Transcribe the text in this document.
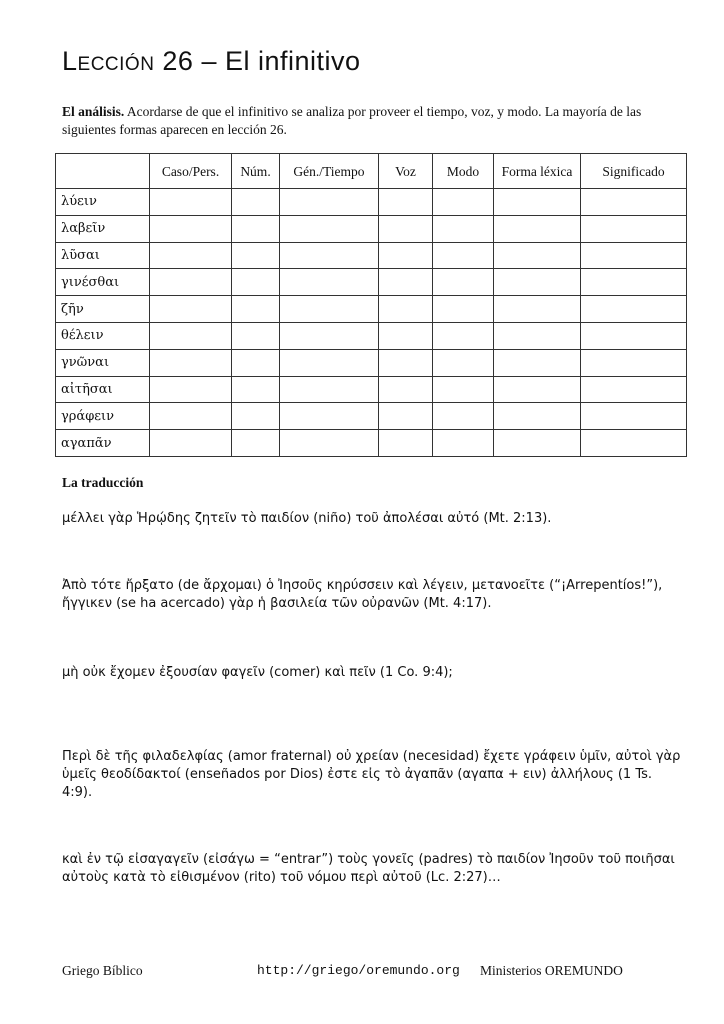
Lección 26 – El infinitivo
El análisis. Acordarse de que el infinitivo se analiza por proveer el tiempo, voz, y modo. La mayoría de las siguientes formas aparecen en lección 26.
	Caso/Pers.	Núm.	Gén./Tiempo	Voz	Modo	Forma léxica	Significado
λύειν							
λαβεῖν							
λῦσαι							
γινέσθαι							
ζῆν							
θέλειν							
γνῶναι							
αἰτῆσαι							
γράφειν							
αγαπᾶν							
La traducción
μέλλει γὰρ Ἡρῴδης ζητεῖν τὸ παιδίον (niño) τοῦ ἀπολέσαι αὐτό (Mt. 2:13).
Ἀπὸ τότε ἤρξατο (de ἄρχομαι) ὁ Ἰησοῦς κηρύσσειν καὶ λέγειν, μετανοεῖτε (“¡Arrepentíos!”), ἤγγικεν (se ha acercado) γὰρ ἡ βασιλεία τῶν οὐρανῶν (Mt. 4:17).
μὴ οὐκ ἔχομεν ἐξουσίαν φαγεῖν (comer) καὶ πεῖν (1 Co. 9:4);
Περὶ δὲ τῆς φιλαδελφίας (amor fraternal) οὐ χρείαν (necesidad) ἔχετε γράφειν ὑμῖν, αὐτοὶ γὰρ ὑμεῖς θεοδίδακτοί (enseñados por Dios) ἐστε εἰς τὸ ἀγαπᾶν (αγαπα + ειν) ἀλλήλους (1 Ts. 4:9).
καὶ ἐν τῷ εἰσαγαγεῖν (εἰσάγω = “entrar”) τοὺς γονεῖς (padres) τὸ παιδίον Ἰησοῦν τοῦ ποιῆσαι αὐτοὺς κατὰ τὸ εἰθισμένον (rito) τοῦ νόμου περὶ αὐτοῦ (Lc. 2:27)…
Griego Bíblico	http://griego/oremundo.org Ministerios OREMUNDO
